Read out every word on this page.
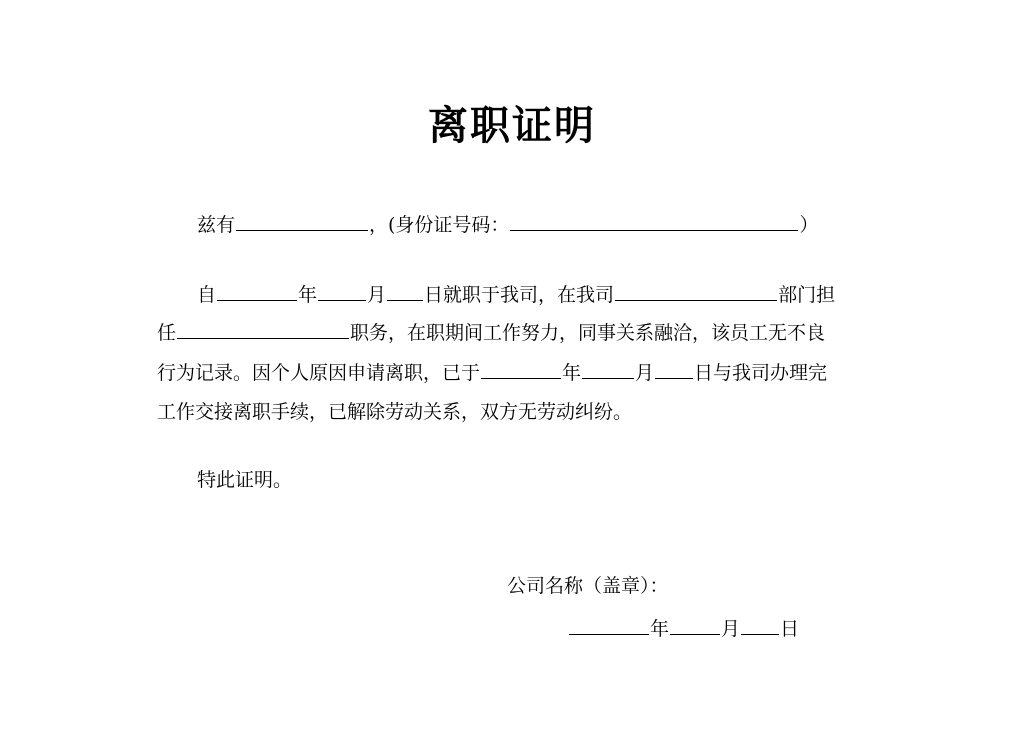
离职证明
兹有	，(身份证号码：	）
自	年	月 日就职于我司，在我司	部门担
任	职务，在职期间工作努力，同事关系融洽，该员工无不良
行为记录。因个人原因申请离职，已于	年	月 日与我司办理完
工作交接离职手续，已解除劳动关系，双方无劳动纠纷。
特此证明。
公司名称（盖章）：
年	月 日
